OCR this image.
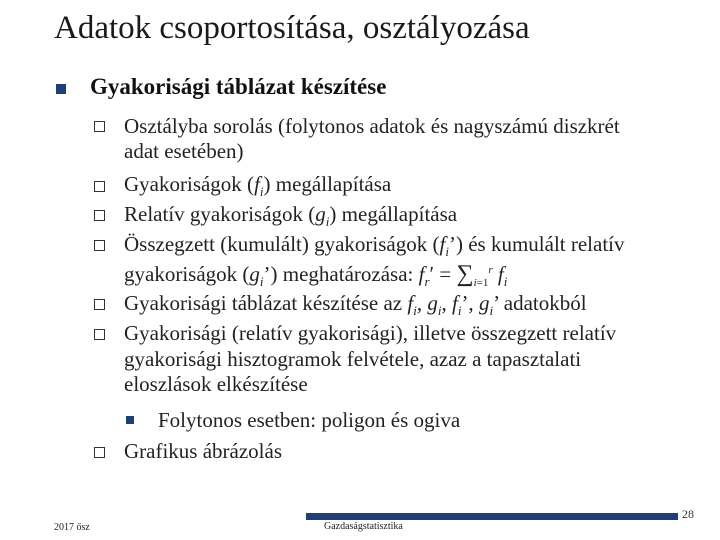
Adatok csoportosítása, osztályozása
Gyakorisági táblázat készítése
Osztályba sorolás (folytonos adatok és nagyszámú diszkrét
adat esetében)
Gyakoriságok $(f_i)$ megállapítása
Relatív gyakoriságok $(g_i)$ megállapítása
Összegzett (kumulált) gyakoriságok $(f_i’)$ és kumulált relatív
gyakoriságok $(g_i’)$ meghatározása: $f_r' = \sum_{i=1}^r$ $f_i$
Gyakorisági táblázat készítése az $f_i$, $g_i$, $f_i$’, $g_i$’ adatokból
Gyakorisági (relatív gyakorisági), illetve összegzett relatív
gyakorisági hisztogramok felvétele, azaz a tapasztalati
eloszlások elkészítése
Folytonos esetben: poligon és ogiva
Grafikus ábrázolás
28
2017 ősz	Gazdaságstatisztika
